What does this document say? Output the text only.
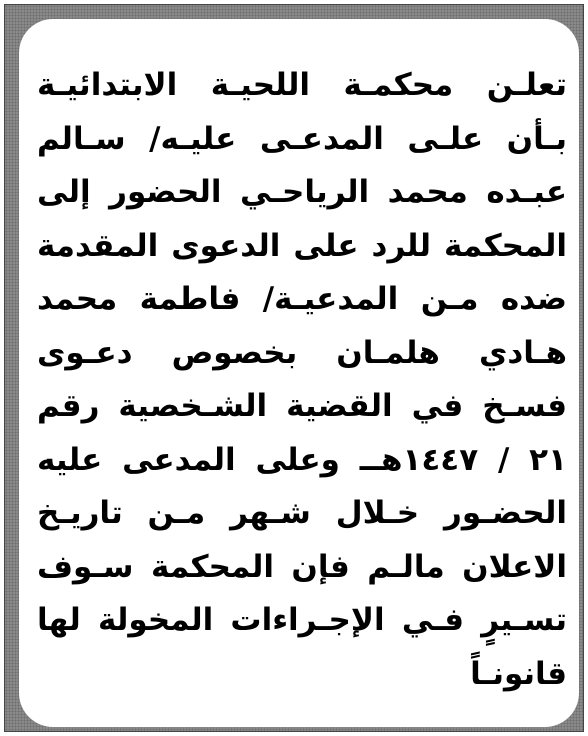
تعلـن محكمـة اللحيـة الابتدائيـة
بـأن علـى المدعـى عليـه/ سـالم
عبـده محمد الرياحـي الحضور إلى
المحكمة للرد على الدعوى المقدمة
ضده مـن المدعيـة/ فاطمة محمد
هـادي هلمـان بخصوص دعـوى
فسـخ في القضية الشـخصية رقم
٢١ / ١٤٤٧هــ وعلى المدعى عليه
الحضـور خـلال شـهر مـن تاريـخ
الاعلان مالـم فإن المحكمة سـوف
تسـيرٍ فـي الإجـراءات المخولة لها
قانونـاً
